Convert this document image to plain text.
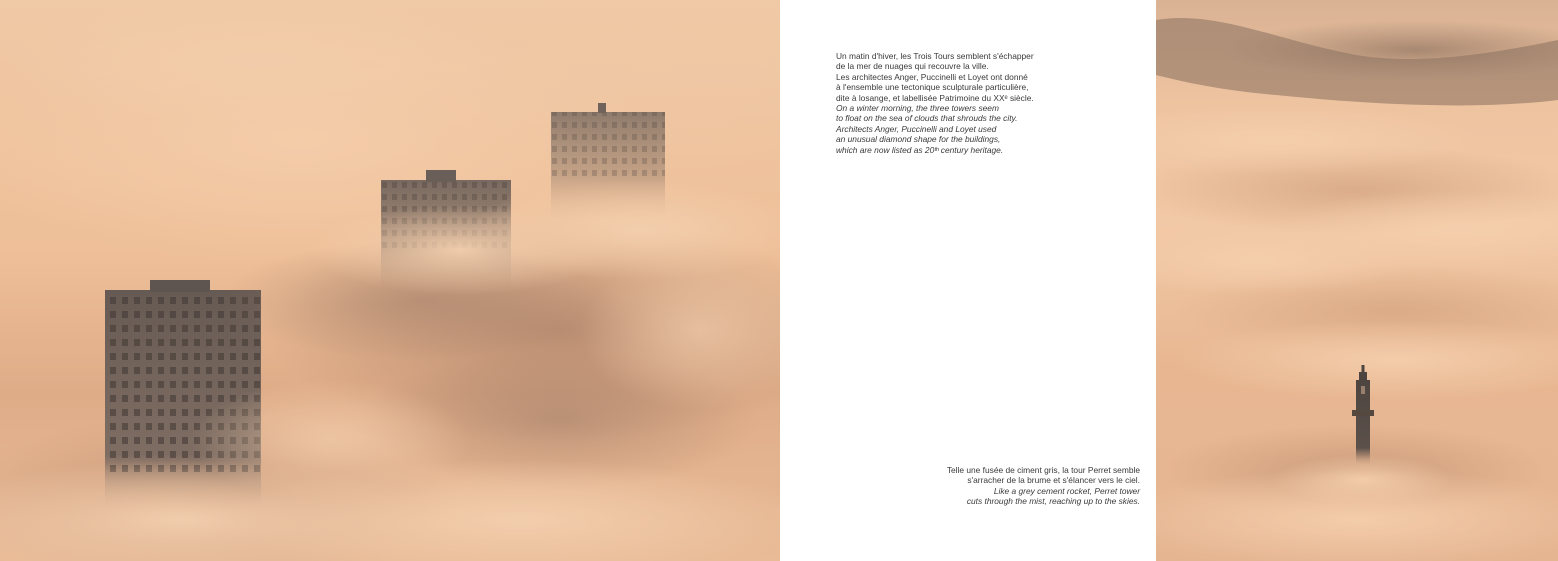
Un matin d'hiver, les Trois Tours semblent s'échapper
de la mer de nuages qui recouvre la ville.
Les architectes Anger, Puccinelli et Loyet ont donné
à l'ensemble une tectonique sculpturale particulière,
dite à losange, et labellisée Patrimoine du XXᵉ siècle.

On a winter morning, the three towers seem
to float on the sea of clouds that shrouds the city.
Architects Anger, Puccinelli and Loyet used
an unusual diamond shape for the buildings,
which are now listed as 20ᵗʰ century heritage.

Telle une fusée de ciment gris, la tour Perret semble
s'arracher de la brume et s'élancer vers le ciel.

Like a grey cement rocket, Perret tower
cuts through the mist, reaching up to the skies.
